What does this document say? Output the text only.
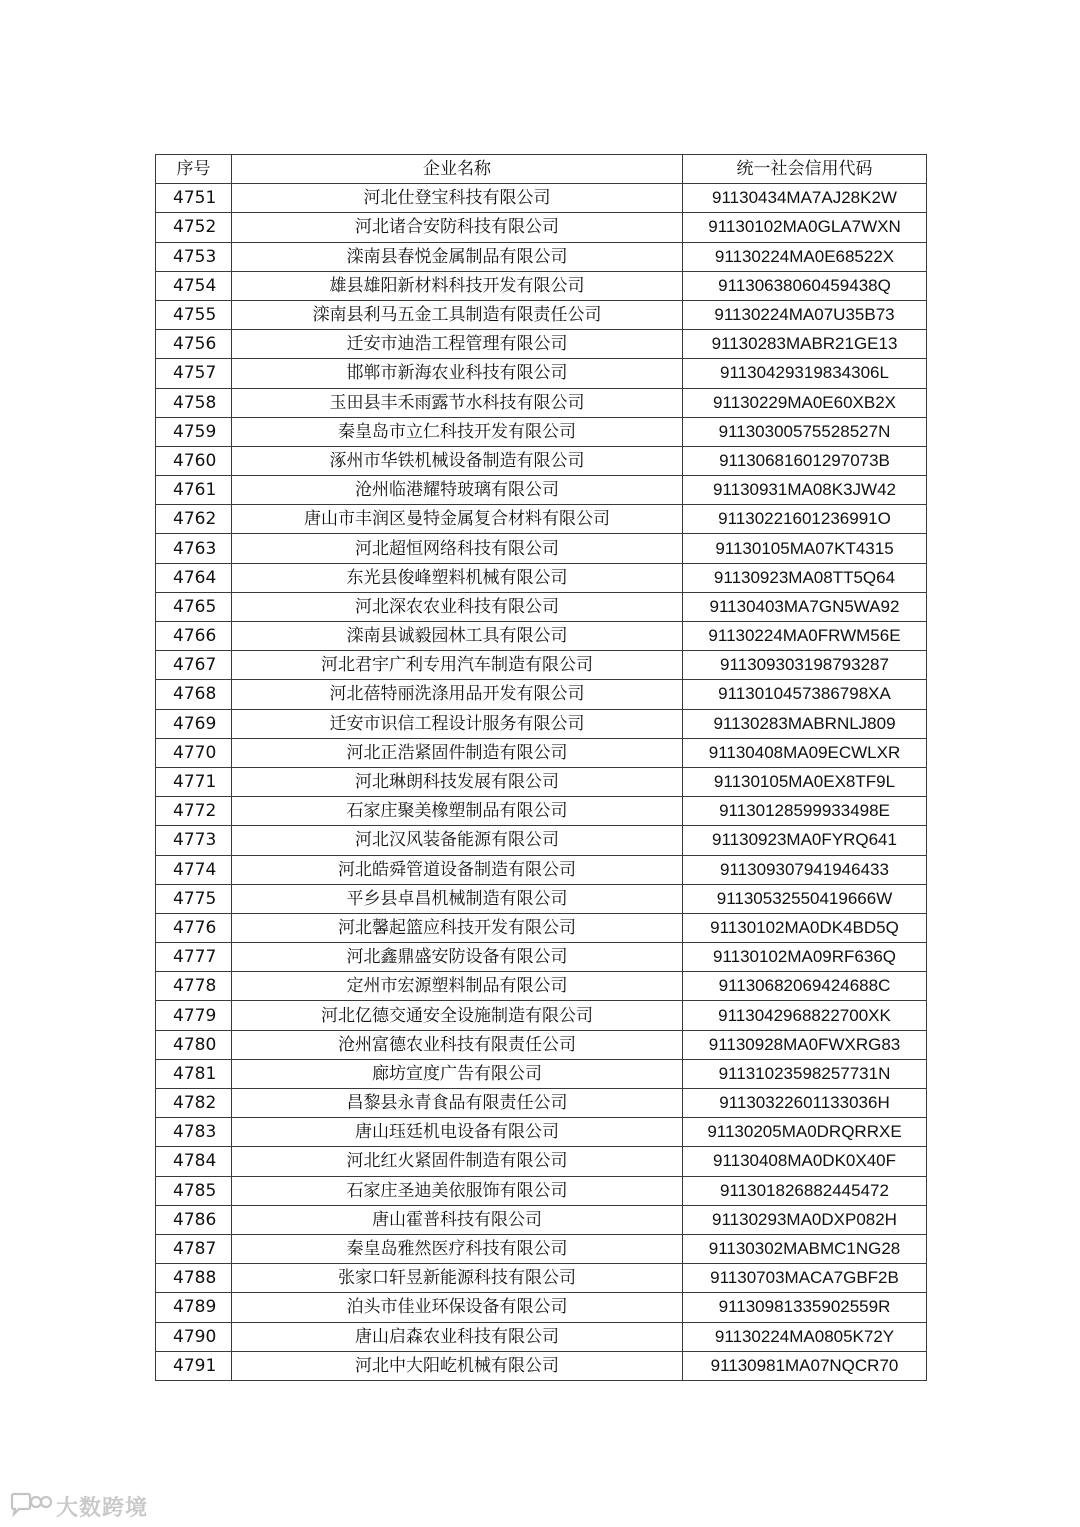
序号	企业名称	统一社会信用代码
4751	河北仕登宝科技有限公司	91130434MA7AJ28K2W
4752	河北诸合安防科技有限公司	91130102MA0GLA7WXN
4753	滦南县春悦金属制品有限公司	91130224MA0E68522X
4754	雄县雄阳新材料科技开发有限公司	91130638060459438Q
4755	滦南县利马五金工具制造有限责任公司	91130224MA07U35B73
4756	迁安市迪浩工程管理有限公司	91130283MABR21GE13
4757	邯郸市新海农业科技有限公司	91130429319834306L
4758	玉田县丰禾雨露节水科技有限公司	91130229MA0E60XB2X
4759	秦皇岛市立仁科技开发有限公司	91130300575528527N
4760	涿州市华铁机械设备制造有限公司	91130681601297073B
4761	沧州临港耀特玻璃有限公司	91130931MA08K3JW42
4762	唐山市丰润区曼特金属复合材料有限公司	91130221601236991O
4763	河北超恒网络科技有限公司	91130105MA07KT4315
4764	东光县俊峰塑料机械有限公司	91130923MA08TT5Q64
4765	河北深农农业科技有限公司	91130403MA7GN5WA92
4766	滦南县诚毅园林工具有限公司	91130224MA0FRWM56E
4767	河北君宇广利专用汽车制造有限公司	911309303198793287
4768	河北蓓特丽洗涤用品开发有限公司	9113010457386798XA
4769	迁安市识信工程设计服务有限公司	91130283MABRNLJ809
4770	河北正浩紧固件制造有限公司	91130408MA09ECWLXR
4771	河北琳朗科技发展有限公司	91130105MA0EX8TF9L
4772	石家庄聚美橡塑制品有限公司	91130128599933498E
4773	河北汉风装备能源有限公司	91130923MA0FYRQ641
4774	河北皓舜管道设备制造有限公司	911309307941946433
4775	平乡县卓昌机械制造有限公司	91130532550419666W
4776	河北馨起篮应科技开发有限公司	91130102MA0DK4BD5Q
4777	河北鑫鼎盛安防设备有限公司	91130102MA09RF636Q
4778	定州市宏源塑料制品有限公司	91130682069424688C
4779	河北亿德交通安全设施制造有限公司	9113042968822700XK
4780	沧州富德农业科技有限责任公司	91130928MA0FWXRG83
4781	廊坊宣度广告有限公司	91131023598257731N
4782	昌黎县永青食品有限责任公司	91130322601133036H
4783	唐山珏廷机电设备有限公司	91130205MA0DRQRRXE
4784	河北红火紧固件制造有限公司	91130408MA0DK0X40F
4785	石家庄圣迪美依服饰有限公司	911301826882445472
4786	唐山霍普科技有限公司	91130293MA0DXP082H
4787	秦皇岛雅然医疗科技有限公司	91130302MABMC1NG28
4788	张家口轩昱新能源科技有限公司	91130703MACA7GBF2B
4789	泊头市佳业环保设备有限公司	91130981335902559R
4790	唐山启森农业科技有限公司	91130224MA0805K72Y
4791	河北中大阳屹机械有限公司	91130981MA07NQCR70
大数跨境
